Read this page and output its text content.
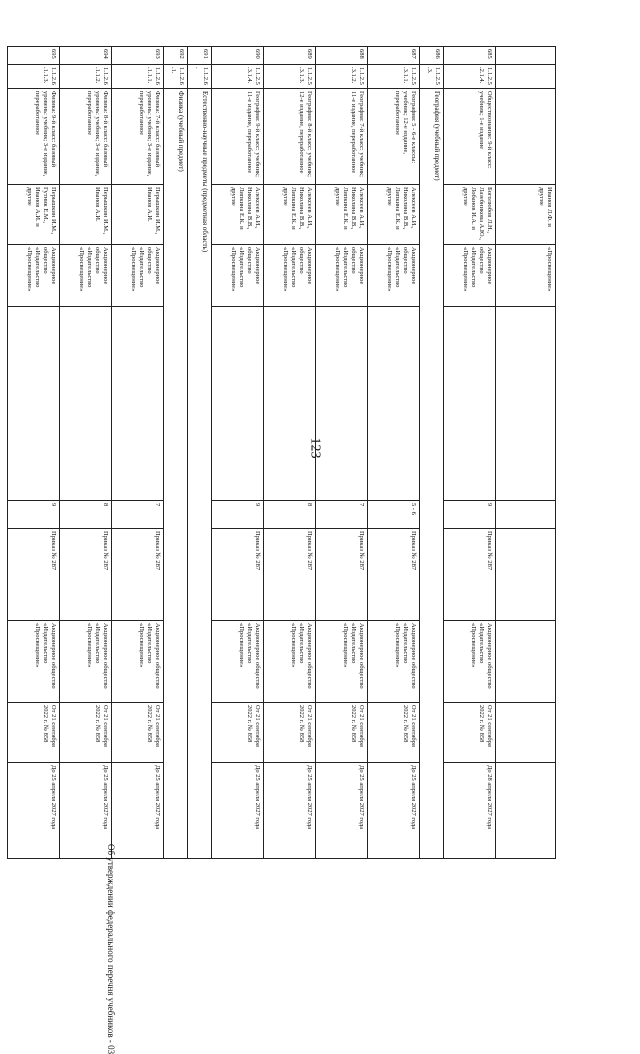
123
			Иванов Л.Ф. и другие	«Просвещение»						
685	1.1.2.5.2.1.4.	Обществознание: 9-й класс: учебник; 1-е издание	Боголюбов Л.Н., Лазебникова А.Ю., Лобанов И.А. и другие	Акционерное общество «Издательство «Просвещение»		9	Приказ № 287	Акционерное общество «Издательство «Просвещение»	От 21 сентября 2022 г. № 858	До 28 апреля 2027 года
686	1.1.2.5.3.	География (учебный предмет)								
687	1.1.2.5.3.1.1.	География: 5 - 6-е классы: учебник; 12-е издание, переработанное	Алексеев А.И., Николина В.В., Липкина Е.К. и другие	Акционерное общество «Издательство «Просвещение»		5 - 6	Приказ № 287	Акционерное общество «Издательство «Просвещение»	От 21 сентября 2022 г. № 858	До 25 апреля 2027 года
688	1.1.2.5.3.1.2.	География: 7-й класс: учебник; 11-е издание, переработанное	Алексеев А.И., Николина В.В., Липкина Е.К. и другие	Акционерное общество «Издательство «Просвещение»		7	Приказ № 287	Акционерное общество «Издательство «Просвещение»	От 21 сентября 2022 г. № 858	До 25 апреля 2027 года
689	1.1.2.5.3.1.3.	География: 8-й класс: учебник; 12-е издание, переработанное	Алексеев А.И., Николина В.В., Липкина Е.К. и другие	Акционерное общество «Издательство «Просвещение»		8	Приказ № 287	Акционерное общество «Издательство «Просвещение»	От 21 сентября 2022 г. № 858	До 25 апреля 2027 года
690	1.1.2.5.3.1.4.	География: 9-й класс: учебник; 11-е издание, переработанное	Алексеев А.И., Николина В.В., Липкина Е.К. и другие	Акционерное общество «Издательство «Просвещение»		9	Приказ № 287	Акционерное общество «Издательство «Просвещение»	От 21 сентября 2022 г. № 858	До 25 апреля 2027 года
691	1.1.2.6.	Естественно-научные предметы (предметная область)								
692	1.1.2.6.1.	Физика (учебный предмет)								
693	1.1.2.6.1.1.1.	Физика: 7-й класс: базовый уровень: учебник; 3-е издание, переработанное	Перышкин И.М., Иванов А.И.	Акционерное общество «Издательство «Просвещение»		7	Приказ № 287	Акционерное общество «Издательство «Просвещение»	От 21 сентября 2022 г. № 858	До 25 апреля 2027 года
694	1.1.2.6.1.1.2.	Физика: 8-й класс: базовый уровень: учебник; 3-е издание, переработанное	Перышкин И.М., Иванов А.И.	Акционерное общество «Издательство «Просвещение»		8	Приказ № 287	Акционерное общество «Издательство «Просвещение»	От 21 сентября 2022 г. № 858	До 25 апреля 2027 года
695	1.1.2.6.1.1.3.	Физика: 9-й класс: базовый уровень: учебник; 3-е издание, переработанное	Перышкин И.М., Гутник Е.М., Иванов А.И. и другие	Акционерное общество «Издательство «Просвещение»		9	Приказ № 287	Акционерное общество «Издательство «Просвещение»	От 21 сентября 2022 г. № 858	До 25 апреля 2027 года
Об утверждении федерального перечня учебников - 03
